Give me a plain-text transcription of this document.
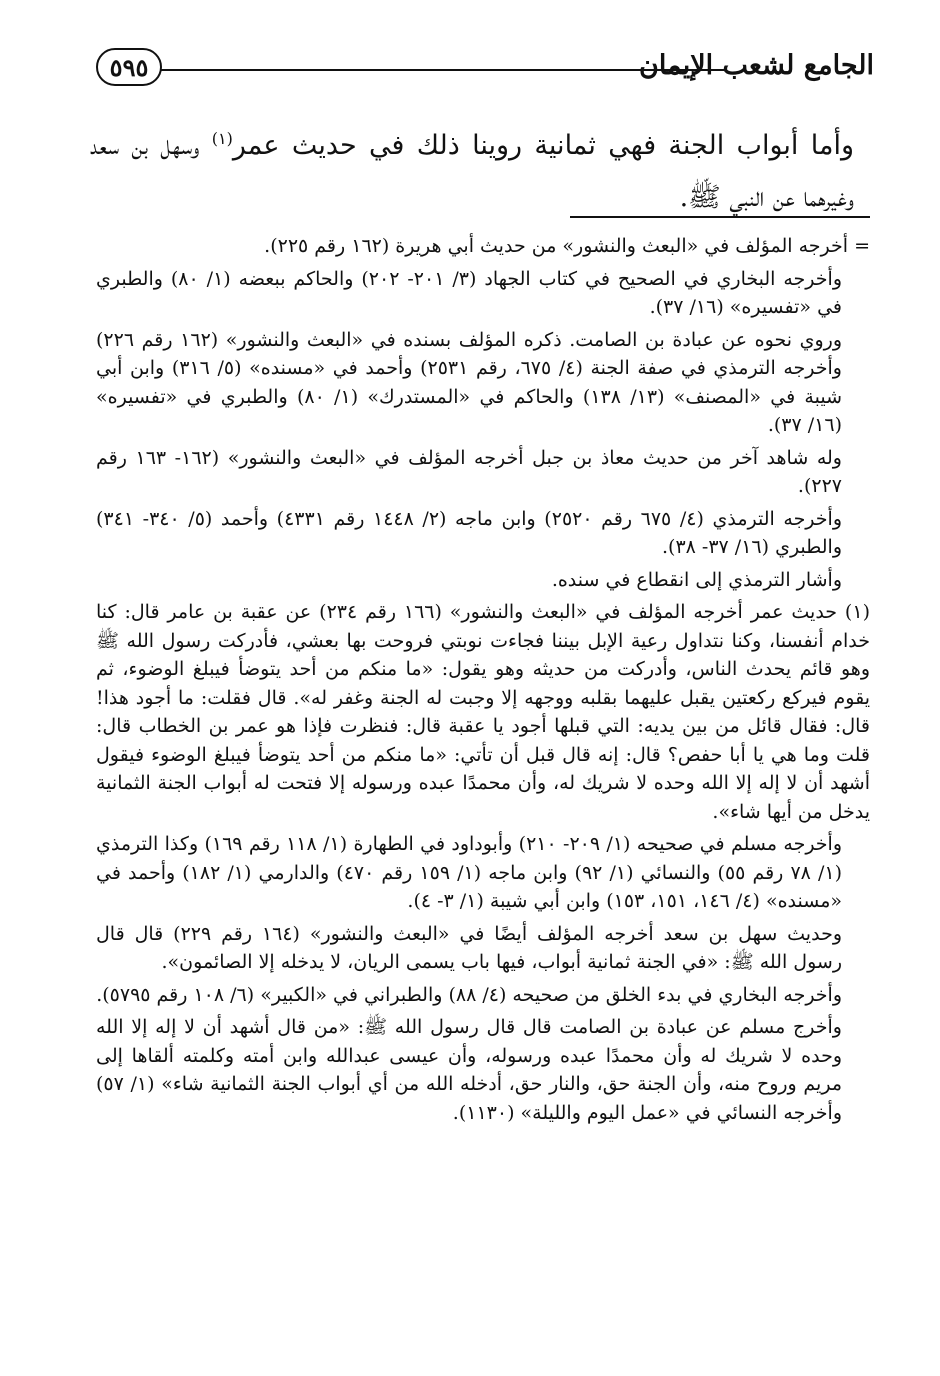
الجامع لشعب الإيمان
٥٩٥

وأما أبواب الجنة فهي ثمانية روينا ذلك في حديث عمر$^{(١)}$ وسهل بن سعد وغيرهما عن النبي ﷺ.

= أخرجه المؤلف في «البعث والنشور» من حديث أبي هريرة (١٦٢ رقم ٢٢٥).

وأخرجه البخاري في الصحيح في كتاب الجهاد (٣/ ٢٠١- ٢٠٢) والحاكم ببعضه (١/ ٨٠) والطبري في «تفسيره» (١٦/ ٣٧).

وروي نحوه عن عبادة بن الصامت. ذكره المؤلف بسنده في «البعث والنشور» (١٦٢ رقم ٢٢٦) وأخرجه الترمذي في صفة الجنة (٤/ ٦٧٥، رقم ٢٥٣١) وأحمد في «مسنده» (٥/ ٣١٦) وابن أبي شيبة في «المصنف» (١٣/ ١٣٨) والحاكم في «المستدرك» (١/ ٨٠) والطبري في «تفسيره» (١٦/ ٣٧).

وله شاهد آخر من حديث معاذ بن جبل أخرجه المؤلف في «البعث والنشور» (١٦٢- ١٦٣ رقم ٢٢٧).

وأخرجه الترمذي (٤/ ٦٧٥ رقم ٢٥٢٠) وابن ماجه (٢/ ١٤٤٨ رقم ٤٣٣١) وأحمد (٥/ ٣٤٠- ٣٤١) والطبري (١٦/ ٣٧- ٣٨).

وأشار الترمذي إلى انقطاع في سنده.

(١) حديث عمر أخرجه المؤلف في «البعث والنشور» (١٦٦ رقم ٢٣٤) عن عقبة بن عامر قال: كنا خدام أنفسنا، وكنا نتداول رعية الإبل بيننا فجاءت نوبتي فروحت بها بعشي، فأدركت رسول الله ﷺ وهو قائم يحدث الناس، وأدركت من حديثه وهو يقول: «ما منكم من أحد يتوضأ فيبلغ الوضوء، ثم يقوم فيركع ركعتين يقبل عليهما بقلبه ووجهه إلا وجبت له الجنة وغفر له». قال فقلت: ما أجود هذا! قال: فقال قائل من بين يديه: التي قبلها أجود يا عقبة قال: فنظرت فإذا هو عمر بن الخطاب قال: قلت وما هي يا أبا حفص؟ قال: إنه قال قبل أن تأتي: «ما منكم من أحد يتوضأ فيبلغ الوضوء فيقول أشهد أن لا إله إلا الله وحده لا شريك له، وأن محمدًا عبده ورسوله إلا فتحت له أبواب الجنة الثمانية يدخل من أيها شاء».

وأخرجه مسلم في صحيحه (١/ ٢٠٩- ٢١٠) وأبوداود في الطهارة (١/ ١١٨ رقم ١٦٩) وكذا الترمذي (١/ ٧٨ رقم ٥٥) والنسائي (١/ ٩٢) وابن ماجه (١/ ١٥٩ رقم ٤٧٠) والدارمي (١/ ١٨٢) وأحمد في «مسنده» (٤/ ١٤٦، ١٥١، ١٥٣) وابن أبي شيبة (١/ ٣- ٤).

وحديث سهل بن سعد أخرجه المؤلف أيضًا في «البعث والنشور» (١٦٤ رقم ٢٢٩) قال قال رسول الله ﷺ: «في الجنة ثمانية أبواب، فيها باب يسمى الريان، لا يدخله إلا الصائمون».

وأخرجه البخاري في بدء الخلق من صحيحه (٤/ ٨٨) والطبراني في «الكبير» (٦/ ١٠٨ رقم ٥٧٩٥).

وأخرج مسلم عن عبادة بن الصامت قال قال رسول الله ﷺ: «من قال أشهد أن لا إله إلا الله وحده لا شريك له وأن محمدًا عبده ورسوله، وأن عيسى عبدالله وابن أمته وكلمته ألقاها إلى مريم وروح منه، وأن الجنة حق، والنار حق، أدخله الله من أي أبواب الجنة الثمانية شاء» (١/ ٥٧) وأخرجه النسائي في «عمل اليوم والليلة» (١١٣٠).
